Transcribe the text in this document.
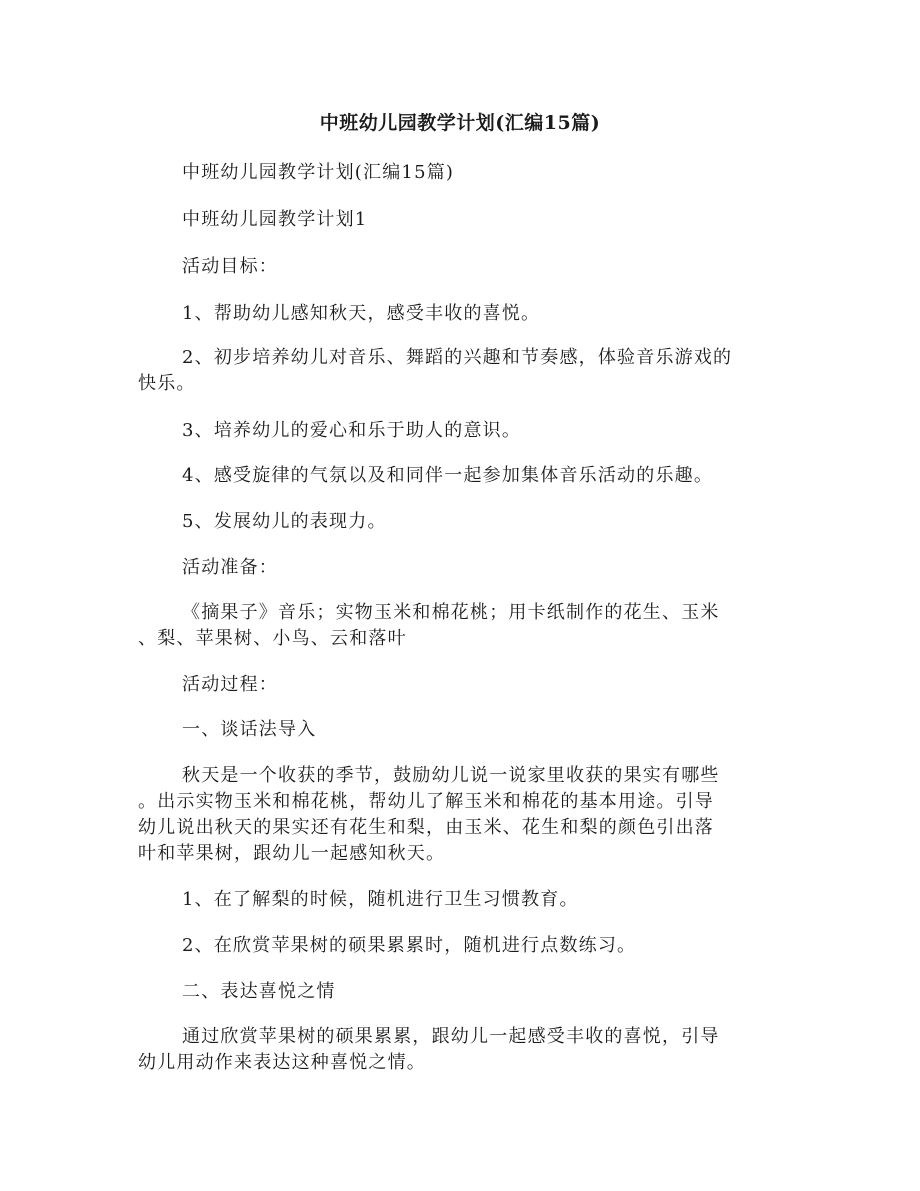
中班幼儿园教学计划(汇编15篇)
中班幼儿园教学计划(汇编15篇)
中班幼儿园教学计划1
活动目标：
1、帮助幼儿感知秋天，感受丰收的喜悦。
2、初步培养幼儿对音乐、舞蹈的兴趣和节奏感，体验音乐游戏的
快乐。
3、培养幼儿的爱心和乐于助人的意识。
4、感受旋律的气氛以及和同伴一起参加集体音乐活动的乐趣。
5、发展幼儿的表现力。
活动准备：
《摘果子》音乐；实物玉米和棉花桃；用卡纸制作的花生、玉米
、梨、苹果树、小鸟、云和落叶
活动过程：
一、谈话法导入
秋天是一个收获的季节，鼓励幼儿说一说家里收获的果实有哪些
。出示实物玉米和棉花桃，帮幼儿了解玉米和棉花的基本用途。引导
幼儿说出秋天的果实还有花生和梨，由玉米、花生和梨的颜色引出落
叶和苹果树，跟幼儿一起感知秋天。
1、在了解梨的时候，随机进行卫生习惯教育。
2、在欣赏苹果树的硕果累累时，随机进行点数练习。
二、表达喜悦之情
通过欣赏苹果树的硕果累累，跟幼儿一起感受丰收的喜悦，引导
幼儿用动作来表达这种喜悦之情。
